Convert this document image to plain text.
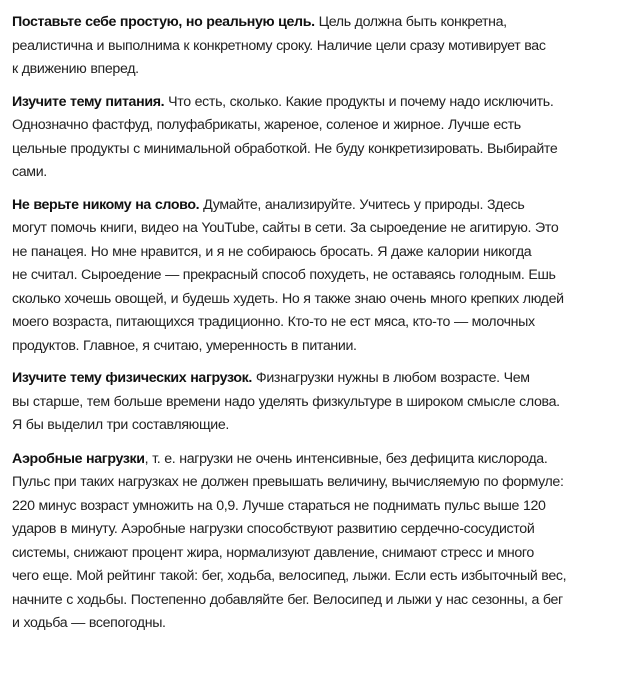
Поставьте себе простую, но реальную цель. Цель должна быть конкретна,
реалистична и выполнима к конкретному сроку. Наличие цели сразу мотивирует вас
к движению вперед.

Изучите тему питания. Что есть, сколько. Какие продукты и почему надо исключить.
Однозначно фастфуд, полуфабрикаты, жареное, соленое и жирное. Лучше есть
цельные продукты с минимальной обработкой. Не буду конкретизировать. Выбирайте
сами.

Не верьте никому на слово. Думайте, анализируйте. Учитесь у природы. Здесь
могут помочь книги, видео на YouTube, сайты в сети. За сыроедение не агитирую. Это
не панацея. Но мне нравится, и я не собираюсь бросать. Я даже калории никогда
не считал. Сыроедение — прекрасный способ похудеть, не оставаясь голодным. Ешь
сколько хочешь овощей, и будешь худеть. Но я также знаю очень много крепких людей
моего возраста, питающихся традиционно. Кто-то не ест мяса, кто-то — молочных
продуктов. Главное, я считаю, умеренность в питании.

Изучите тему физических нагрузок. Физнагрузки нужны в любом возрасте. Чем
вы старше, тем больше времени надо уделять физкультуре в широком смысле слова.
Я бы выделил три составляющие.

Аэробные нагрузки, т. е. нагрузки не очень интенсивные, без дефицита кислорода.
Пульс при таких нагрузках не должен превышать величину, вычисляемую по формуле:
220 минус возраст умножить на 0,9. Лучше стараться не поднимать пульс выше 120
ударов в минуту. Аэробные нагрузки способствуют развитию сердечно-сосудистой
системы, снижают процент жира, нормализуют давление, снимают стресс и много
чего еще. Мой рейтинг такой: бег, ходьба, велосипед, лыжи. Если есть избыточный вес,
начните с ходьбы. Постепенно добавляйте бег. Велосипед и лыжи у нас сезонны, а бег
и ходьба — всепогодны.
